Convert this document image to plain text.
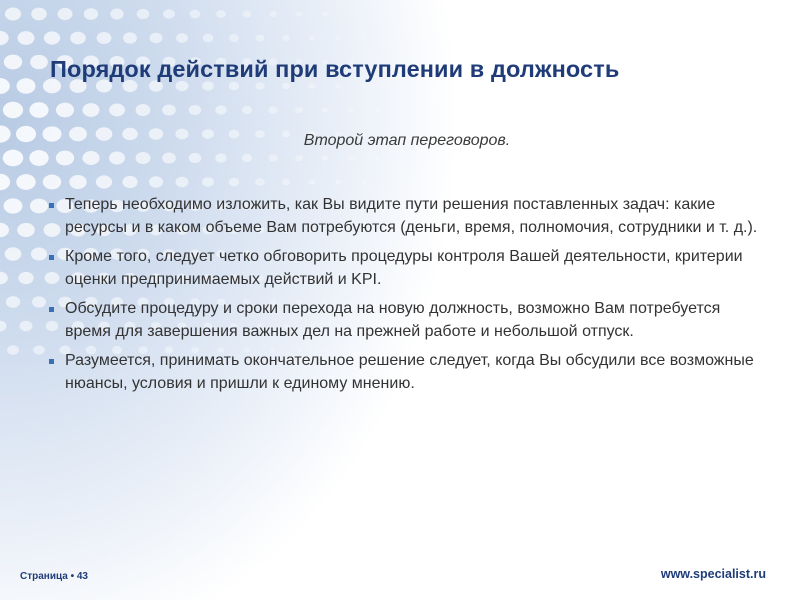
Порядок действий при вступлении в должность
Второй этап переговоров.
Теперь необходимо изложить, как Вы видите пути решения поставленных задач: какие ресурсы и в каком объеме Вам потребуются (деньги, время, полномочия, сотрудники и т. д.).
Кроме того, следует четко обговорить процедуры контроля Вашей деятельности, критерии оценки предпринимаемых действий и KPI.
Обсудите процедуру и сроки перехода на новую должность, возможно Вам потребуется время для завершения важных дел на прежней работе и небольшой отпуск.
Разумеется, принимать окончательное решение следует, когда Вы обсудили все возможные нюансы, условия и пришли к единому мнению.
Страница • 43	www.specialist.ru
